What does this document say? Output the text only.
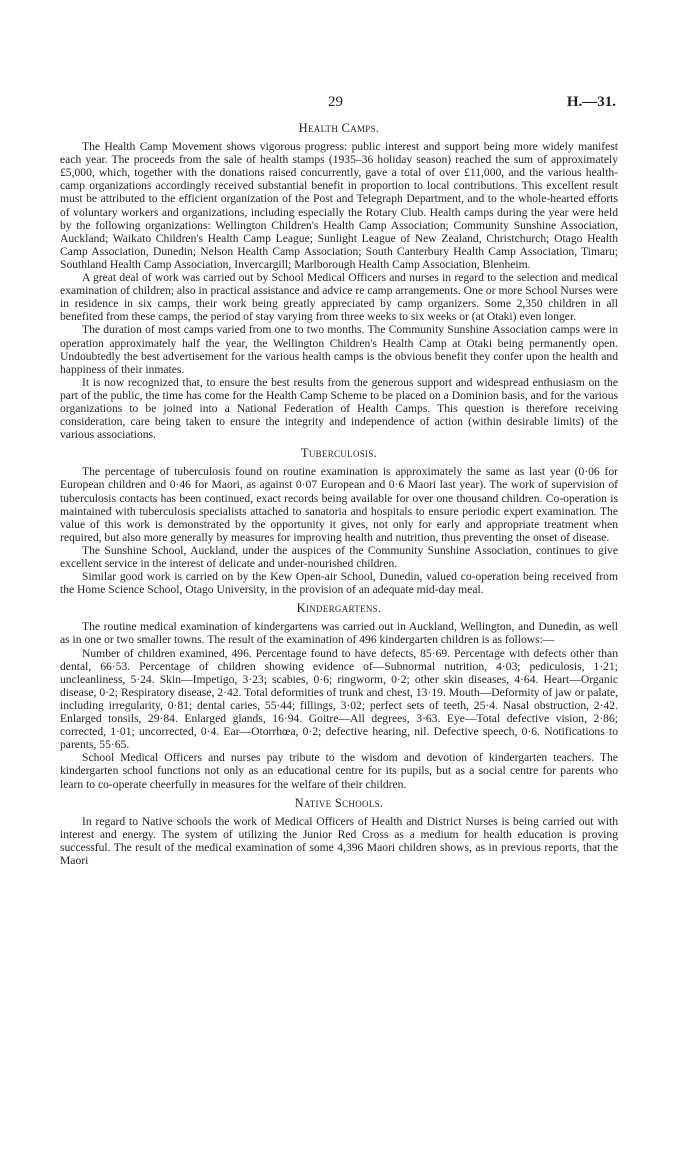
29	H.—31.
Health Camps.

The Health Camp Movement shows vigorous progress: public interest and support being more widely manifest each year. The proceeds from the sale of health stamps (1935–36 holiday season) reached the sum of approximately £5,000, which, together with the donations raised concurrently, gave a total of over £11,000, and the various health-camp organizations accordingly received substantial benefit in proportion to local contributions. This excellent result must be attributed to the efficient organization of the Post and Telegraph Department, and to the whole-hearted efforts of voluntary workers and organizations, including especially the Rotary Club. Health camps during the year were held by the following organizations: Wellington Children's Health Camp Association; Community Sunshine Association, Auckland; Waikato Children's Health Camp League; Sunlight League of New Zealand, Christchurch; Otago Health Camp Association, Dunedin; Nelson Health Camp Association; South Canterbury Health Camp Association, Timaru; Southland Health Camp Association, Invercargill; Marlborough Health Camp Association, Blenheim.

A great deal of work was carried out by School Medical Officers and nurses in regard to the selection and medical examination of children; also in practical assistance and advice re camp arrangements. One or more School Nurses were in residence in six camps, their work being greatly appreciated by camp organizers. Some 2,350 children in all benefited from these camps, the period of stay varying from three weeks to six weeks or (at Otaki) even longer.

The duration of most camps varied from one to two months. The Community Sunshine Association camps were in operation approximately half the year, the Wellington Children's Health Camp at Otaki being permanently open. Undoubtedly the best advertisement for the various health camps is the obvious benefit they confer upon the health and happiness of their inmates.

It is now recognized that, to ensure the best results from the generous support and widespread enthusiasm on the part of the public, the time has come for the Health Camp Scheme to be placed on a Dominion basis, and for the various organizations to be joined into a National Federation of Health Camps. This question is therefore receiving consideration, care being taken to ensure the integrity and independence of action (within desirable limits) of the various associations.

Tuberculosis.

The percentage of tuberculosis found on routine examination is approximately the same as last year (0·06 for European children and 0·46 for Maori, as against 0·07 European and 0·6 Maori last year). The work of supervision of tuberculosis contacts has been continued, exact records being available for over one thousand children. Co-operation is maintained with tuberculosis specialists attached to sanatoria and hospitals to ensure periodic expert examination. The value of this work is demonstrated by the opportunity it gives, not only for early and appropriate treatment when required, but also more generally by measures for improving health and nutrition, thus preventing the onset of disease.

The Sunshine School, Auckland, under the auspices of the Community Sunshine Association, continues to give excellent service in the interest of delicate and under-nourished children.

Similar good work is carried on by the Kew Open-air School, Dunedin, valued co-operation being received from the Home Science School, Otago University, in the provision of an adequate mid-day meal.

Kindergartens.

The routine medical examination of kindergartens was carried out in Auckland, Wellington, and Dunedin, as well as in one or two smaller towns. The result of the examination of 496 kindergarten children is as follows:—

Number of children examined, 496. Percentage found to have defects, 85·69. Percentage with defects other than dental, 66·53. Percentage of children showing evidence of—Subnormal nutrition, 4·03; pediculosis, 1·21; uncleanliness, 5·24. Skin—Impetigo, 3·23; scabies, 0·6; ringworm, 0·2; other skin diseases, 4·64. Heart—Organic disease, 0·2; Respiratory disease, 2·42. Total deformities of trunk and chest, 13·19. Mouth—Deformity of jaw or palate, including irregularity, 0·81; dental caries, 55·44; fillings, 3·02; perfect sets of teeth, 25·4. Nasal obstruction, 2·42. Enlarged tonsils, 29·84. Enlarged glands, 16·94. Goitre—All degrees, 3·63. Eye—Total defective vision, 2·86; corrected, 1·01; uncorrected, 0·4. Ear—Otorrhœa, 0·2; defective hearing, nil. Defective speech, 0·6. Notifications to parents, 55·65.

School Medical Officers and nurses pay tribute to the wisdom and devotion of kindergarten teachers. The kindergarten school functions not only as an educational centre for its pupils, but as a social centre for parents who learn to co-operate cheerfully in measures for the welfare of their children.

Native Schools.

In regard to Native schools the work of Medical Officers of Health and District Nurses is being carried out with interest and energy. The system of utilizing the Junior Red Cross as a medium for health education is proving successful. The result of the medical examination of some 4,396 Maori children shows, as in previous reports, that the Maori
